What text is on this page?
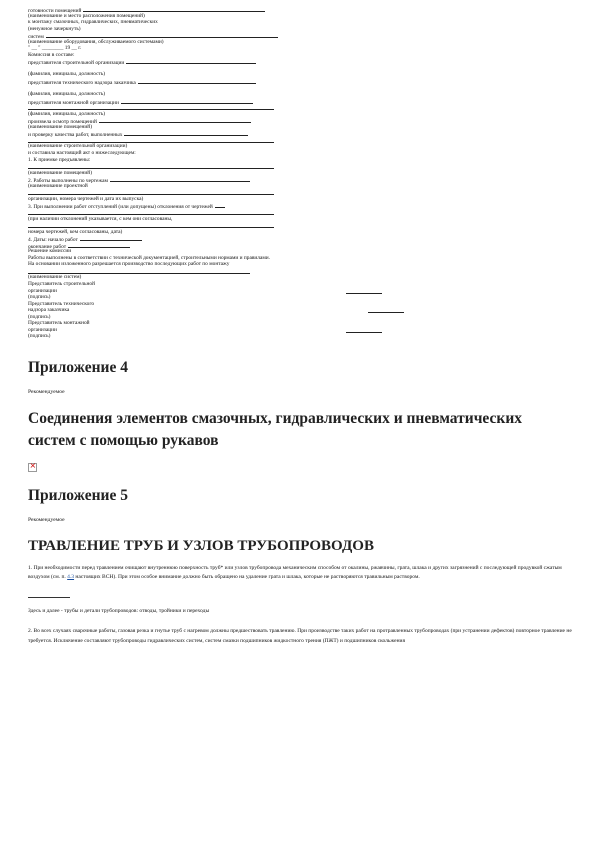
готовности помещений
(наименование и место расположения помещений)
к монтажу смазочных, гидравлических, пневматических
(ненужное зачеркнуть)
систем
(наименование оборудования, обслуживаемого системами)
" __ " ________ 19 __ г.
Комиссия в составе:
представителя строительной организации
(фамилия, инициалы, должность)
представителя технического надзора заказчика
(фамилия, инициалы, должность)
представителя монтажной организации
(фамилия, инициалы, должность)
произвела осмотр помещений
(наименование помещений)
и проверку качества работ, выполненных
(наименование строительной организации)
и составила настоящий акт о нижеследующем:
1. К приемке предъявлены:
(наименование помещений)
2. Работы выполнены по чертежам
(наименование проектной
организации, номера чертежей и дата их выпуска)
3. При выполнении работ отступлений (или допущены) отклонения от чертежей
(при наличии отклонений указывается, с кем они согласованы,
номера чертежей, кем согласованы, дата)
4. Даты: начало работ
окончание работ
Решение комиссии
Работы выполнены в соответствии с технической документацией, строительными нормами и правилами.
На основании изложенного разрешается производство последующих работ по монтажу
(наименование систем)
Представитель строительной
организации
(подпись)
Представитель технического
надзора заказчика
(подпись)
Представитель монтажной
организации
(подпись)
Приложение 4
Рекомендуемое
Соединения элементов смазочных, гидравлических и пневматических систем с помощью рукавов
×
Приложение 5
Рекомендуемое
ТРАВЛЕНИЕ ТРУБ И УЗЛОВ ТРУБОПРОВОДОВ
1. При необходимости перед травлением очищают внутреннюю поверхность труб* или узлов трубопровода механическим способом от окалины, ржавчины, грата, шлака и других загрязнений с последующей продувкой сжатым воздухом (см. п. 4.3 настоящих ВСН). При этом особое внимание должно быть обращено на удаление грата и шлака, которые не растворяются травильным раствором.
Здесь и далее - трубы и детали трубопроводов: отводы, тройники и переходы
2. Во всех случаях сварочные работы, газовая резка и гнутье труб с нагревом должны предшествовать травлению. При производстве таких работ на протравленных трубопроводах (при устранении дефектов) повторное травление не требуется. Исключение составляют трубопроводы гидравлических систем, систем смазки подшипников жидкостного трения (ПЖТ) и подшипников скольжения
